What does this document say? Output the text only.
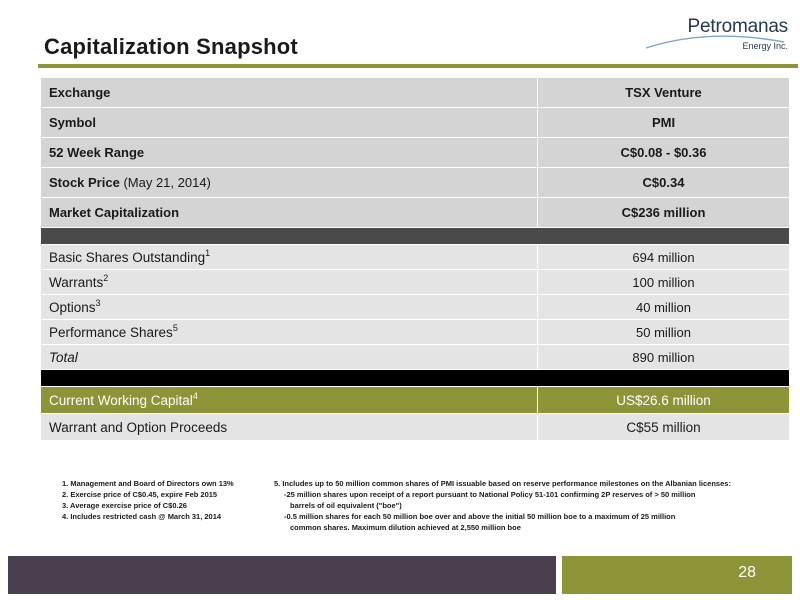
Capitalization Snapshot
Petromanas
Energy Inc.
Exchange	TSX Venture
Symbol	PMI
52 Week Range	C$0.08 - $0.36
Stock Price (May 21, 2014)	C$0.34
Market Capitalization	C$236 million

Basic Shares Outstanding$^1$	694 million
Warrants$^2$	100 million
Options$^3$	40 million
Performance Shares$^5$	50 million
Total	890 million

Current Working Capital$^4$	US$26.6 million
Warrant and Option Proceeds	C$55 million
1. Management and Board of Directors own 13%
2. Exercise price of C$0.45, expire Feb 2015
3. Average exercise price of C$0.26
4. Includes restricted cash @ March 31, 2014
5. Includes up to 50 million common shares of PMI issuable based on reserve performance milestones on the Albanian licenses:
-25 million shares upon receipt of a report pursuant to National Policy 51-101 confirming 2P reserves of > 50 million
barrels of oil equivalent ("boe")
-0.5 million shares for each 50 million boe over and above the initial 50 million boe to a maximum of 25 million
common shares. Maximum dilution achieved at 2,550 million boe
28
